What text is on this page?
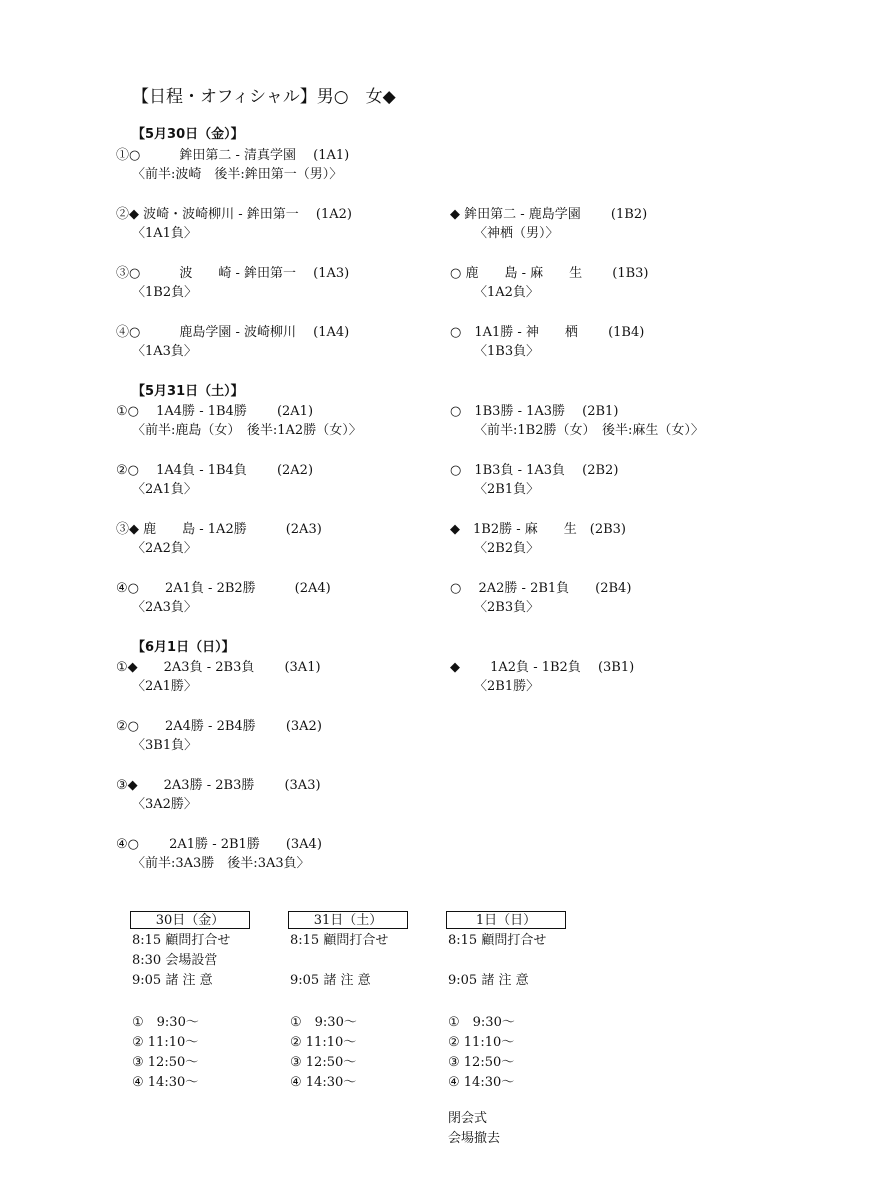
【日程・オフィシャル】男○　女◆
【5月30日（金）】
①○　　　鉾田第二 - 清真学園　 (1A1)
〈前半:波崎　後半:鉾田第一（男）〉
②◆ 波崎・波崎柳川 - 鉾田第一　 (1A2)
〈1A1負〉
◆ 鉾田第二 - 鹿島学園　　 (1B2)
〈神栖（男）〉
③○　　　波　　崎 - 鉾田第一　 (1A3)
〈1B2負〉
○ 鹿　　島 - 麻　　生　　 (1B3)
〈1A2負〉
④○　　　鹿島学園 - 波崎柳川　 (1A4)
〈1A3負〉
○　1A1勝 - 神　　栖　　 (1B4)
〈1B3負〉
【5月31日（土）】
①○　 1A4勝 - 1B4勝　　 (2A1)
〈前半:鹿島（女）　後半:1A2勝（女）〉
○　1B3勝 - 1A3勝　 (2B1)
〈前半:1B2勝（女）　後半:麻生（女）〉
②○　 1A4負 - 1B4負　　 (2A2)
〈2A1負〉
○　1B3負 - 1A3負　 (2B2)
〈2B1負〉
③◆ 鹿　　島 - 1A2勝　　　(2A3)
〈2A2負〉
◆　1B2勝 - 麻　　生　(2B3)
〈2B2負〉
④○　　2A1負 - 2B2勝　　　(2A4)
〈2A3負〉
○　 2A2勝 - 2B1負　　(2B4)
〈2B3負〉
【6月1日（日）】
①◆　　2A3負 - 2B3負　　 (3A1)
〈2A1勝〉
◆　　 1A2負 - 1B2負　 (3B1)
〈2B1勝〉
②○　　2A4勝 - 2B4勝　　 (3A2)
〈3B1負〉
③◆　　2A3勝 - 2B3勝　　 (3A3)
〈3A2勝〉
④○　　 2A1勝 - 2B1勝　　(3A4)
〈前半:3A3勝　後半:3A3負〉
30日（金）	31日（土）	1日（日）
8:15 顧問打合せ
8:30 会場設営
9:05 諸 注 意
①　9:30～
② 11:10～
③ 12:50～
④ 14:30～
8:15 顧問打合せ
9:05 諸 注 意
①　9:30～
② 11:10～
③ 12:50～
④ 14:30～
8:15 顧問打合せ
9:05 諸 注 意
①　9:30～
② 11:10～
③ 12:50～
④ 14:30～
閉会式
会場撤去
